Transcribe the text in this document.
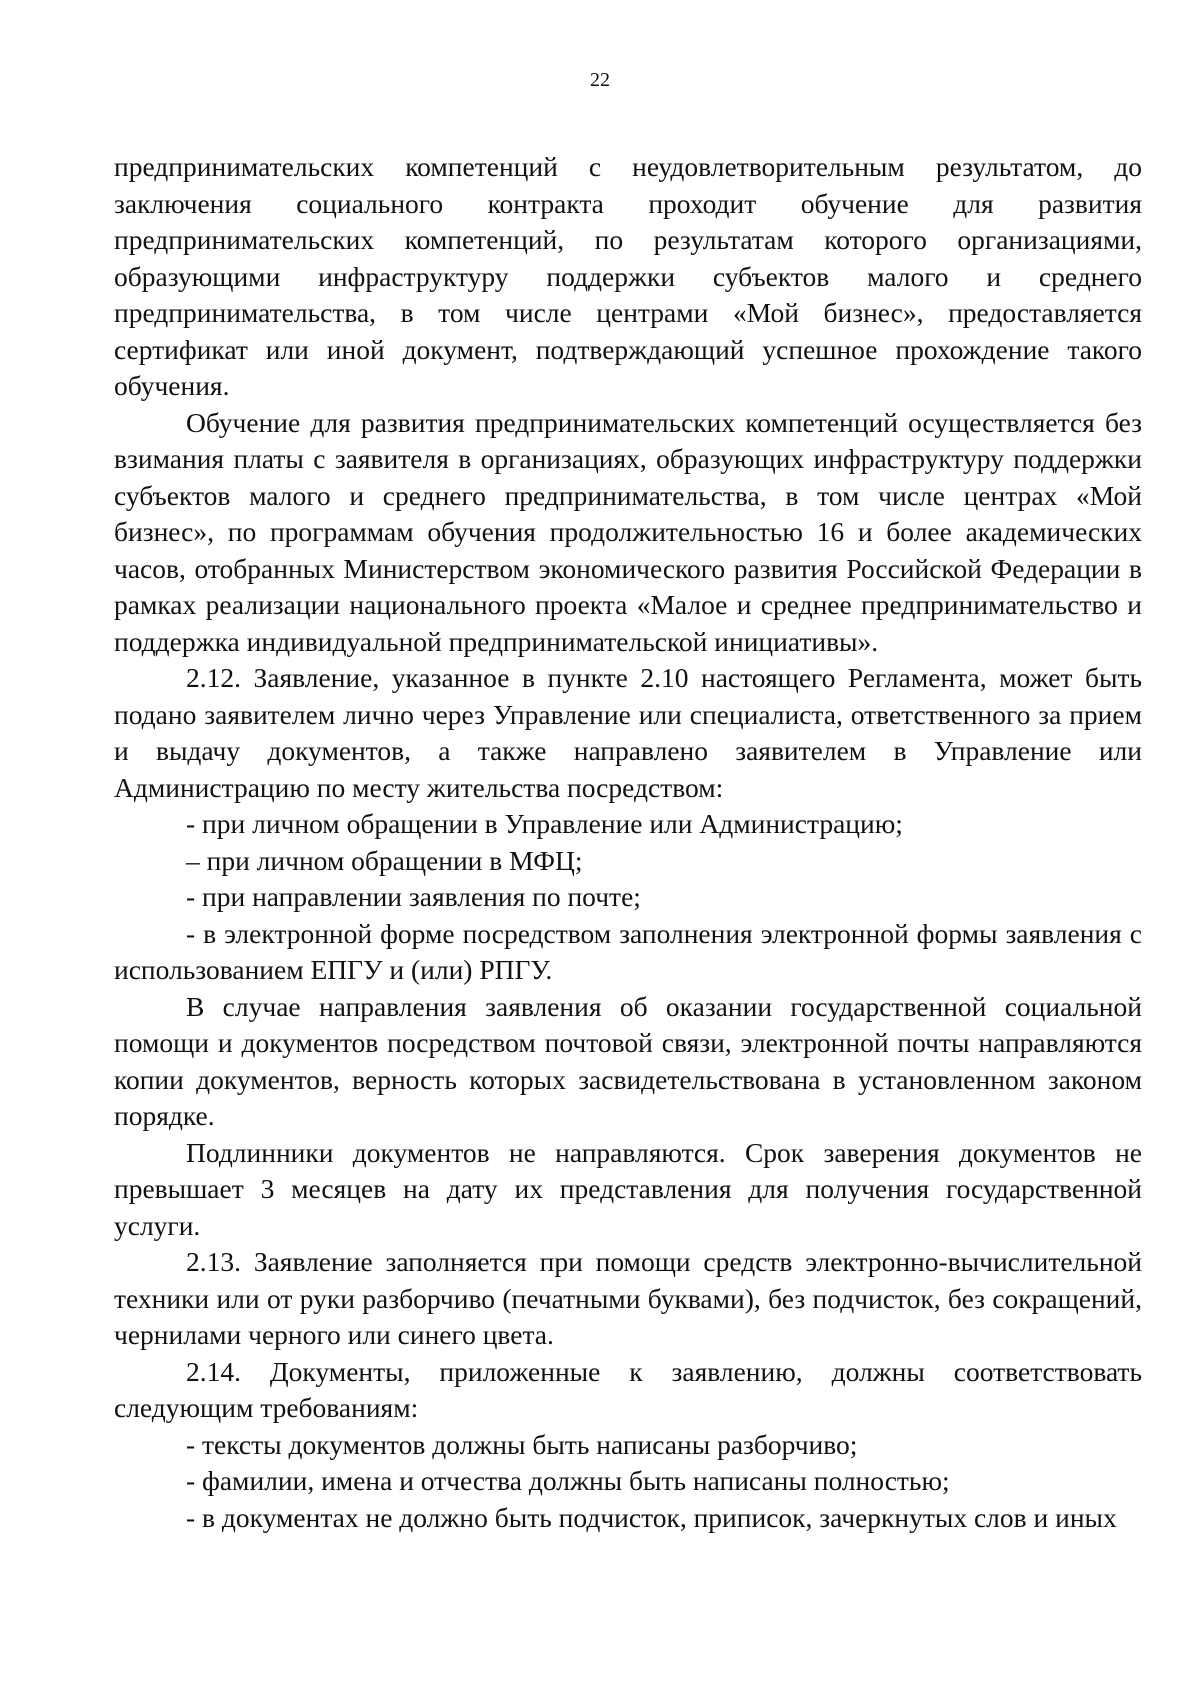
22

предпринимательских компетенций с неудовлетворительным результатом, до заключения социального контракта проходит обучение для развития предпринимательских компетенций, по результатам которого организациями, образующими инфраструктуру поддержки субъектов малого и среднего предпринимательства, в том числе центрами «Мой бизнес», предоставляется сертификат или иной документ, подтверждающий успешное прохождение такого обучения.

Обучение для развития предпринимательских компетенций осуществляется без взимания платы с заявителя в организациях, образующих инфраструктуру поддержки субъектов малого и среднего предпринимательства, в том числе центрах «Мой бизнес», по программам обучения продолжительностью 16 и более академических часов, отобранных Министерством экономического развития Российской Федерации в рамках реализации национального проекта «Малое и среднее предпринимательство и поддержка индивидуальной предпринимательской инициативы».

2.12. Заявление, указанное в пункте 2.10 настоящего Регламента, может быть подано заявителем лично через Управление или специалиста, ответственного за прием и выдачу документов, а также направлено заявителем в Управление или Администрацию по месту жительства посредством:

- при личном обращении в Управление или Администрацию;

– при личном обращении в МФЦ;

- при направлении заявления по почте;

- в электронной форме посредством заполнения электронной формы заявления с использованием ЕПГУ и (или) РПГУ.

В случае направления заявления об оказании государственной социальной помощи и документов посредством почтовой связи, электронной почты направляются копии документов, верность которых засвидетельствована в установленном законом порядке.

Подлинники документов не направляются. Срок заверения документов не превышает 3 месяцев на дату их представления для получения государственной услуги.

2.13. Заявление заполняется при помощи средств электронно-вычислительной техники или от руки разборчиво (печатными буквами), без подчисток, без сокращений, чернилами черного или синего цвета.

2.14. Документы, приложенные к заявлению, должны соответствовать следующим требованиям:

- тексты документов должны быть написаны разборчиво;

- фамилии, имена и отчества должны быть написаны полностью;

- в документах не должно быть подчисток, приписок, зачеркнутых слов и иных
